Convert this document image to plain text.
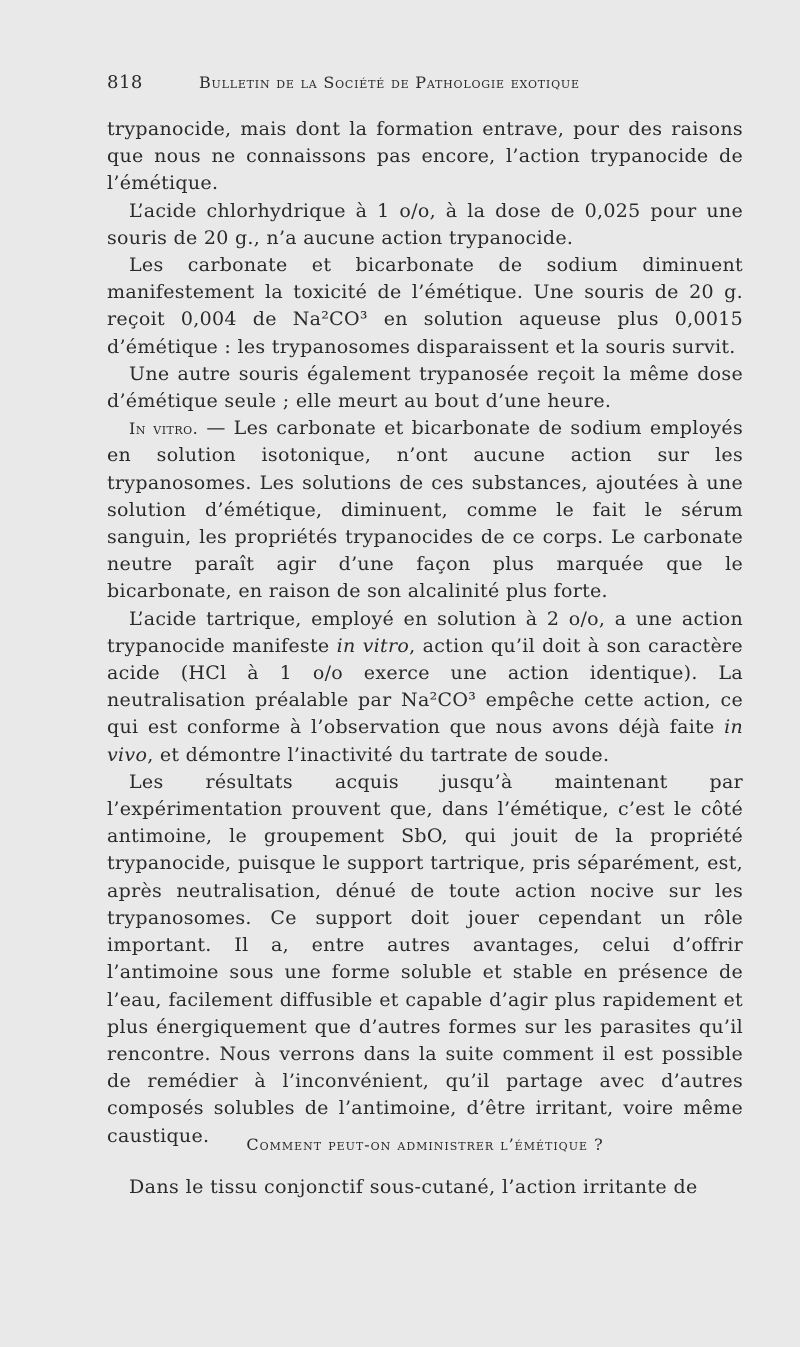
818	Bulletin de la Société de Pathologie exotique

trypanocide, mais dont la formation entrave, pour des raisons que nous ne connaissons pas encore, l’action trypanocide de l’émétique.

L’acide chlorhydrique à 1 o/o, à la dose de 0,025 pour une souris de 20 g., n’a aucune action trypanocide.

Les carbonate et bicarbonate de sodium diminuent manifestement la toxicité de l’émétique. Une souris de 20 g. reçoit 0,004 de Na²CO³ en solution aqueuse plus 0,0015 d’émétique : les trypanosomes disparaissent et la souris survit.

Une autre souris également trypanosée reçoit la même dose d’émétique seule ; elle meurt au bout d’une heure.

In vitro. — Les carbonate et bicarbonate de sodium employés en solution isotonique, n’ont aucune action sur les trypanosomes. Les solutions de ces substances, ajoutées à une solution d’émétique, diminuent, comme le fait le sérum sanguin, les propriétés trypanocides de ce corps. Le carbonate neutre paraît agir d’une façon plus marquée que le bicarbonate, en raison de son alcalinité plus forte.

L’acide tartrique, employé en solution à 2 o/o, a une action trypanocide manifeste in vitro, action qu’il doit à son caractère acide (HCl à 1 o/o exerce une action identique). La neutralisation préalable par Na²CO³ empêche cette action, ce qui est conforme à l’observation que nous avons déjà faite in vivo, et démontre l’inactivité du tartrate de soude.

Les résultats acquis jusqu’à maintenant par l’expérimentation prouvent que, dans l’émétique, c’est le côté antimoine, le groupement SbO, qui jouit de la propriété trypanocide, puisque le support tartrique, pris séparément, est, après neutralisation, dénué de toute action nocive sur les trypanosomes. Ce support doit jouer cependant un rôle important. Il a, entre autres avantages, celui d’offrir l’antimoine sous une forme soluble et stable en présence de l’eau, facilement diffusible et capable d’agir plus rapidement et plus énergiquement que d’autres formes sur les parasites qu’il rencontre. Nous verrons dans la suite comment il est possible de remédier à l’inconvénient, qu’il partage avec d’autres composés solubles de l’antimoine, d’être irritant, voire même caustique.	Comment peut-on administrer l’émétique ?
Dans le tissu conjonctif sous-cutané, l’action irritante de
